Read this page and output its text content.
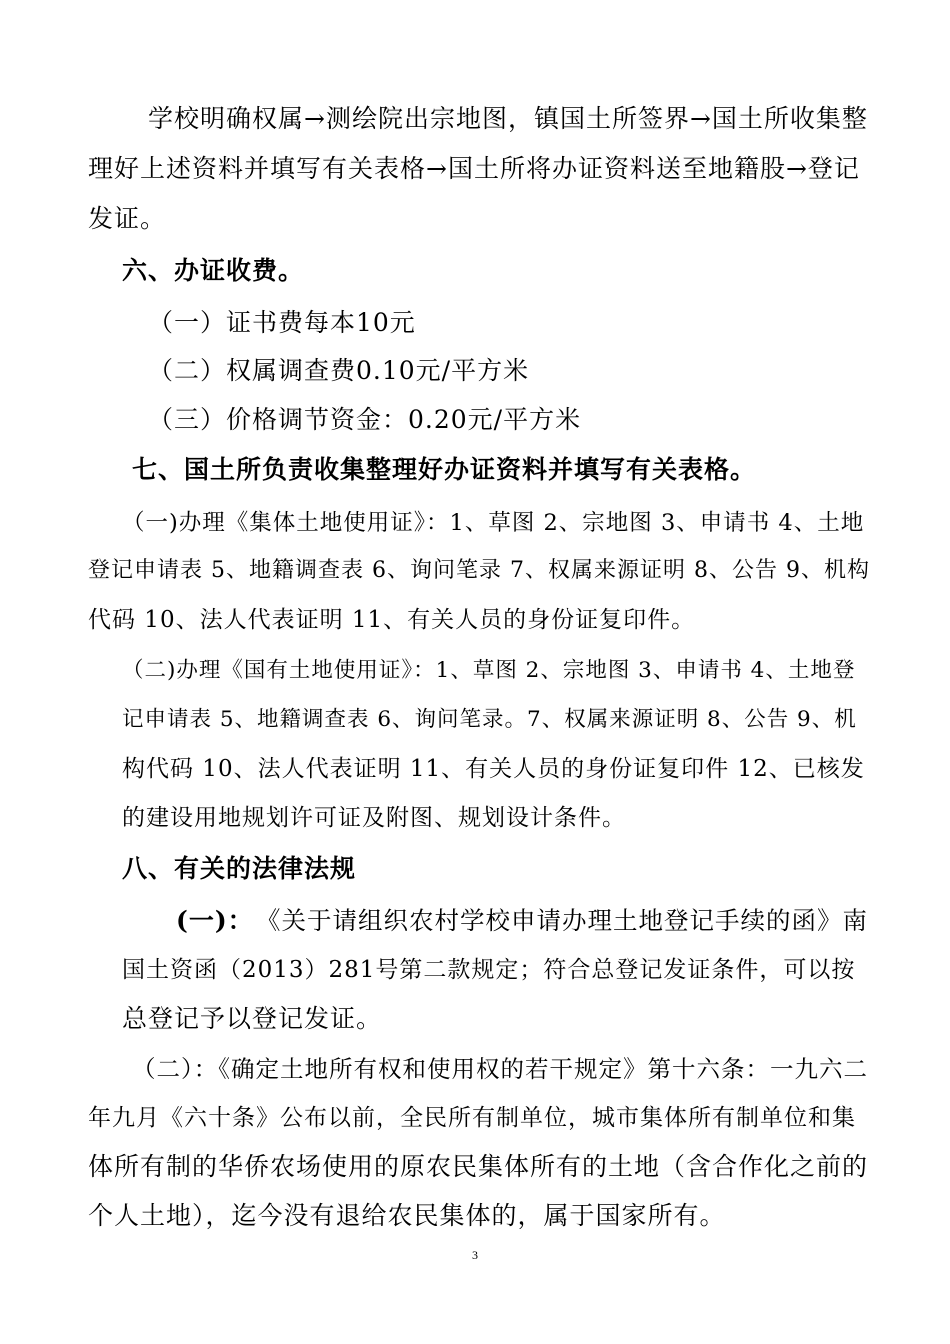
学校明确权属→测绘院出宗地图，镇国土所签界→国土所收集整
理好上述资料并填写有关表格→国土所将办证资料送至地籍股→登记
发证。
六、办证收费。
（一）证书费每本10元
（二）权属调查费0.10元/平方米
（三）价格调节资金：0.20元/平方米
七、国土所负责收集整理好办证资料并填写有关表格。
（一)办理《集体土地使用证》：1、草图 2、宗地图 3、申请书 4、土地
登记申请表 5、地籍调查表 6、询问笔录 7、权属来源证明 8、公告 9、机构
代码 10、法人代表证明 11、有关人员的身份证复印件。
（二)办理《国有土地使用证》：1、草图 2、宗地图 3、申请书 4、土地登
记申请表 5、地籍调查表 6、询问笔录。7、权属来源证明 8、公告 9、机
构代码 10、法人代表证明 11、有关人员的身份证复印件 12、已核发
的建设用地规划许可证及附图、规划设计条件。
八、有关的法律法规
(一)： 《关于请组织农村学校申请办理土地登记手续的函》南
国土资函（2013）281号第二款规定；符合总登记发证条件，可以按
总登记予以登记发证。
（二）：《确定土地所有权和使用权的若干规定》第十六条：一九六二
年九月《六十条》公布以前，全民所有制单位，城市集体所有制单位和集
体所有制的华侨农场使用的原农民集体所有的土地（含合作化之前的
个人土地），迄今没有退给农民集体的，属于国家所有。
3
